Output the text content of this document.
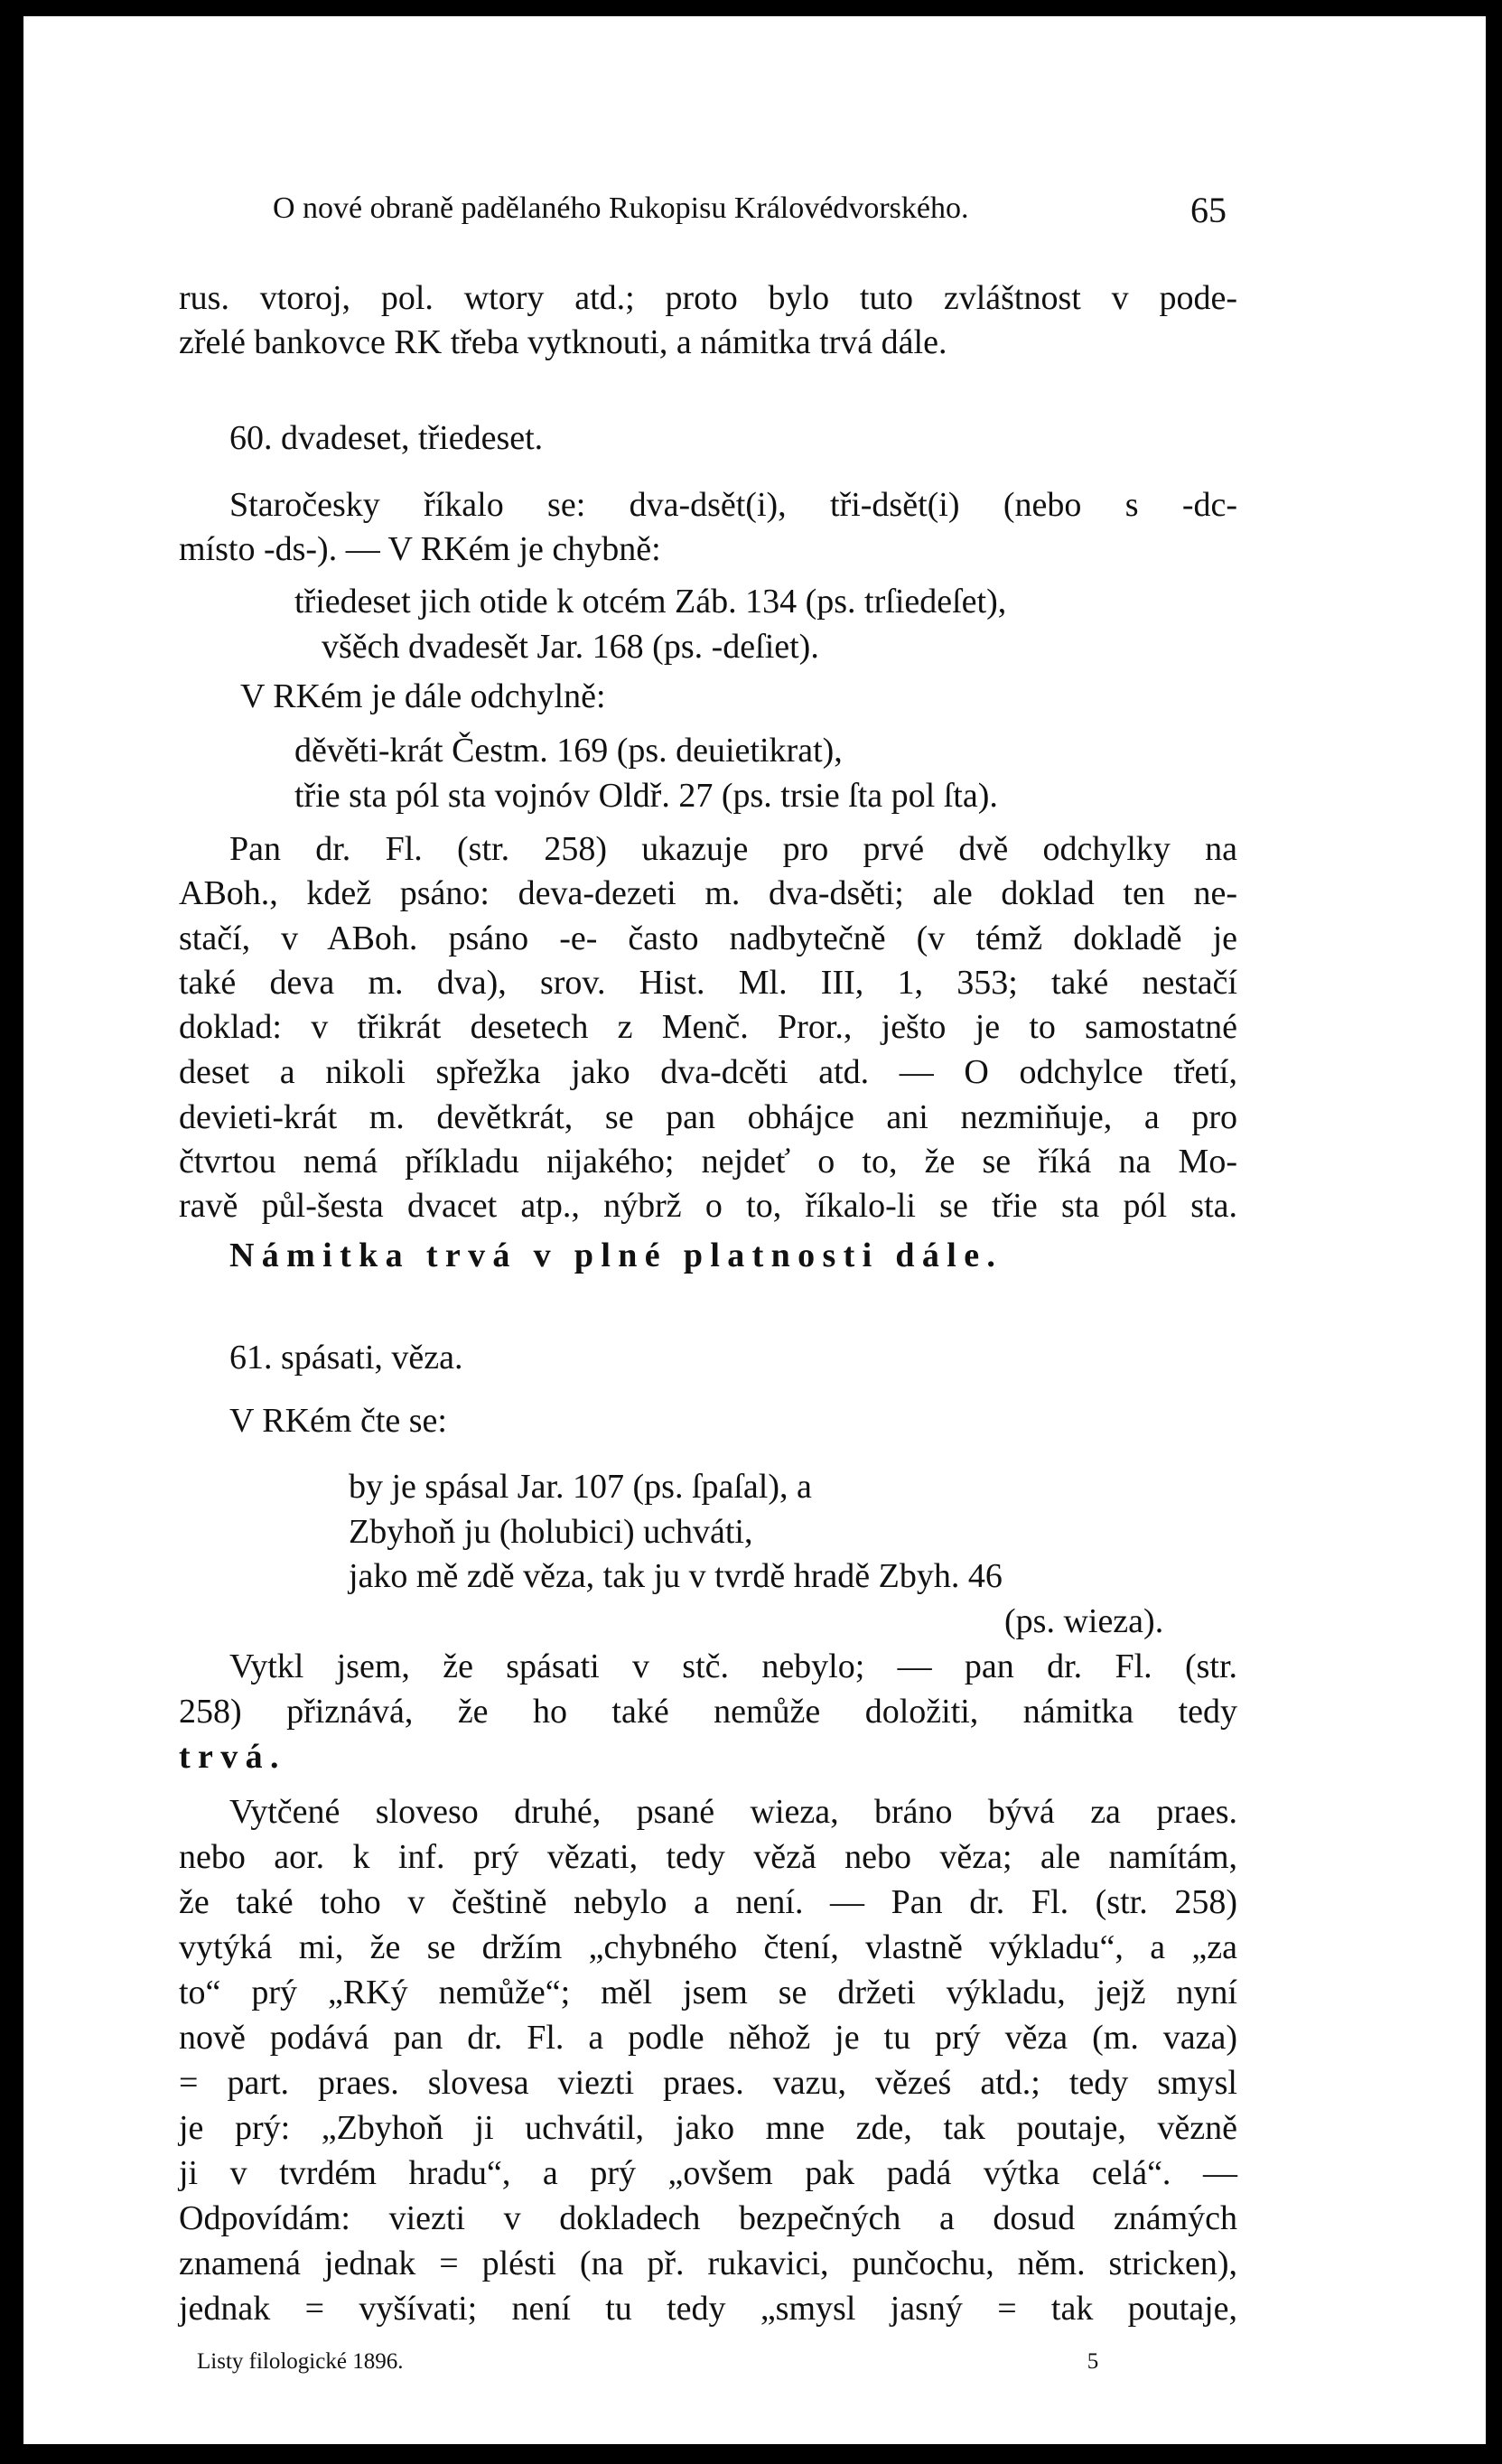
O nové obraně padělaného Rukopisu Královédvorského.	65
rus. vtoroj, pol. wtory atd.; proto bylo tuto zvláštnost v pode-
zřelé bankovce RK třeba vytknouti, a námitka trvá dále.
60. dvadeset, třiedeset.
Staročesky říkalo se: dva-dsět(i), tři-dsět(i) (nebo s -dc-
místo -ds-). — V RKém je chybně:
třiedeset jich otide k otcém Záb. 134 (ps. trſiedeſet),
všěch dvadesět Jar. 168 (ps. -deſiet).
V RKém je dále odchylně:
děvěti-krát Čestm. 169 (ps. deuietikrat),
třie sta pól sta vojnóv Oldř. 27 (ps. trsie ſta pol ſta).
Pan dr. Fl. (str. 258) ukazuje pro prvé dvě odchylky na
ABoh., kdež psáno: deva-dezeti m. dva-dsěti; ale doklad ten ne-
stačí, v ABoh. psáno -e- často nadbytečně (v témž dokladě je
také deva m. dva), srov. Hist. Ml. III, 1, 353; také nestačí
doklad: v třikrát desetech z Menč. Pror., ješto je to samostatné
deset a nikoli spřežka jako dva-dcěti atd. — O odchylce třetí,
devieti-krát m. devětkrát, se pan obhájce ani nezmiňuje, a pro
čtvrtou nemá příkladu nijakého; nejdeť o to, že se říká na Mo-
ravě půl-šesta dvacet atp., nýbrž o to, říkalo-li se třie sta pól sta.
Námitka trvá v plné platnosti dále.
61. spásati, věza.
V RKém čte se:
by je spásal Jar. 107 (ps. ſpaſal), a
Zbyhoň ju (holubici) uchváti,
jako mě zdě věza, tak ju v tvrdě hradě Zbyh. 46
(ps. wieza).
Vytkl jsem, že spásati v stč. nebylo; — pan dr. Fl. (str.
258) přiznává, že ho také nemůže doložiti, námitka tedy
trvá.
Vytčené sloveso druhé, psané wieza, bráno bývá za praes.
nebo aor. k inf. prý vězati, tedy věză nebo věza; ale namítám,
že také toho v češtině nebylo a není. — Pan dr. Fl. (str. 258)
vytýká mi, že se držím „chybného čtení, vlastně výkladu“, a „za
to“ prý „RKý nemůže“; měl jsem se držeti výkladu, jejž nyní
nově podává pan dr. Fl. a podle něhož je tu prý věza (m. vaza)
= part. praes. slovesa viezti praes. vazu, věześ atd.; tedy smysl
je prý: „Zbyhoň ji uchvátil, jako mne zde, tak poutaje, vězně
ji v tvrdém hradu“, a prý „ovšem pak padá výtka celá“. —
Odpovídám: viezti v dokladech bezpečných a dosud známých
znamená jednak = plésti (na př. rukavici, punčochu, něm. stricken),
jednak = vyšívati; není tu tedy „smysl jasný = tak poutaje,
Listy filologické 1896.	5
